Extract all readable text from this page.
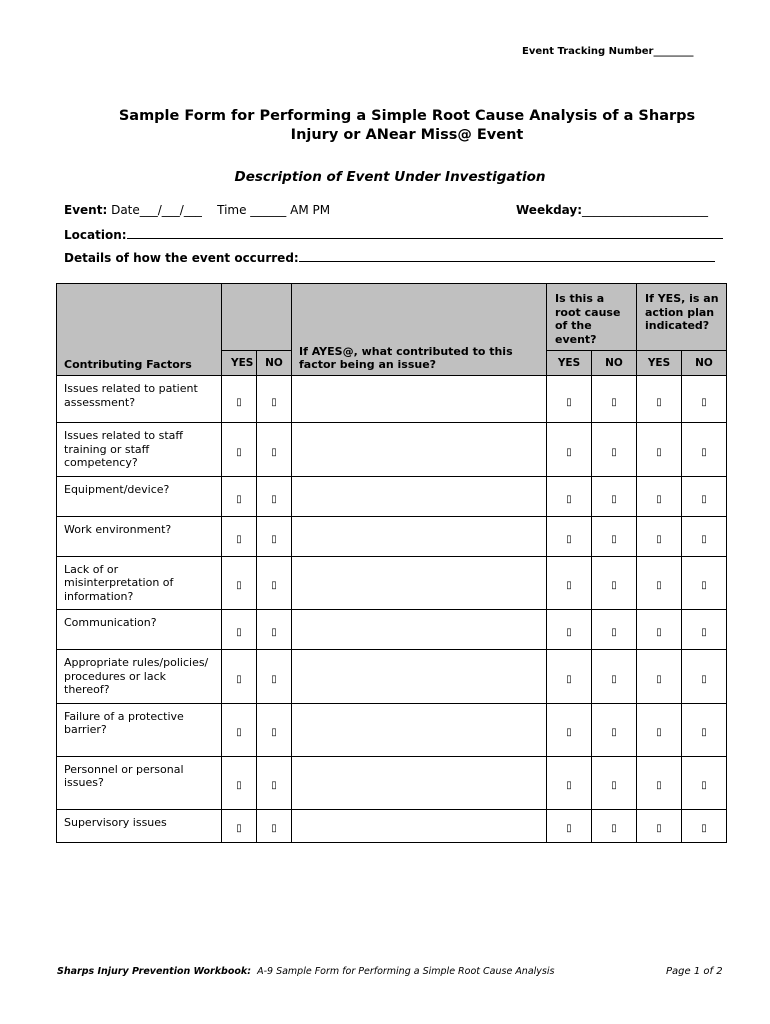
Event Tracking Number________
Sample Form for Performing a Simple Root Cause Analysis of a Sharps
Injury or ANear Miss@ Event
Description of Event Under Investigation
Event: Date___/___/___ Time ______ AM PM	Weekday:_____________________
Location:
Details of how the event occurred:
Contributing Factors			If AYES@, what contributed to this factor being an issue?	Is this a root cause of the event?		If YES, is an action plan indicated?	
	YES	NO		YES	NO	YES	NO
Issues related to patient assessment?	▯	▯		▯	▯	▯	▯
Issues related to staff training or staff competency?	▯	▯		▯	▯	▯	▯
Equipment/device?	▯	▯		▯	▯	▯	▯
Work environment?	▯	▯		▯	▯	▯	▯
Lack of or misinterpretation of information?	▯	▯		▯	▯	▯	▯
Communication?	▯	▯		▯	▯	▯	▯
Appropriate rules/policies/ procedures or lack thereof?	▯	▯		▯	▯	▯	▯
Failure of a protective barrier?	▯	▯		▯	▯	▯	▯
Personnel or personal issues?	▯	▯		▯	▯	▯	▯
Supervisory issues	▯	▯		▯	▯	▯	▯
Sharps Injury Prevention Workbook: A-9 Sample Form for Performing a Simple Root Cause Analysis	Page 1 of 2
